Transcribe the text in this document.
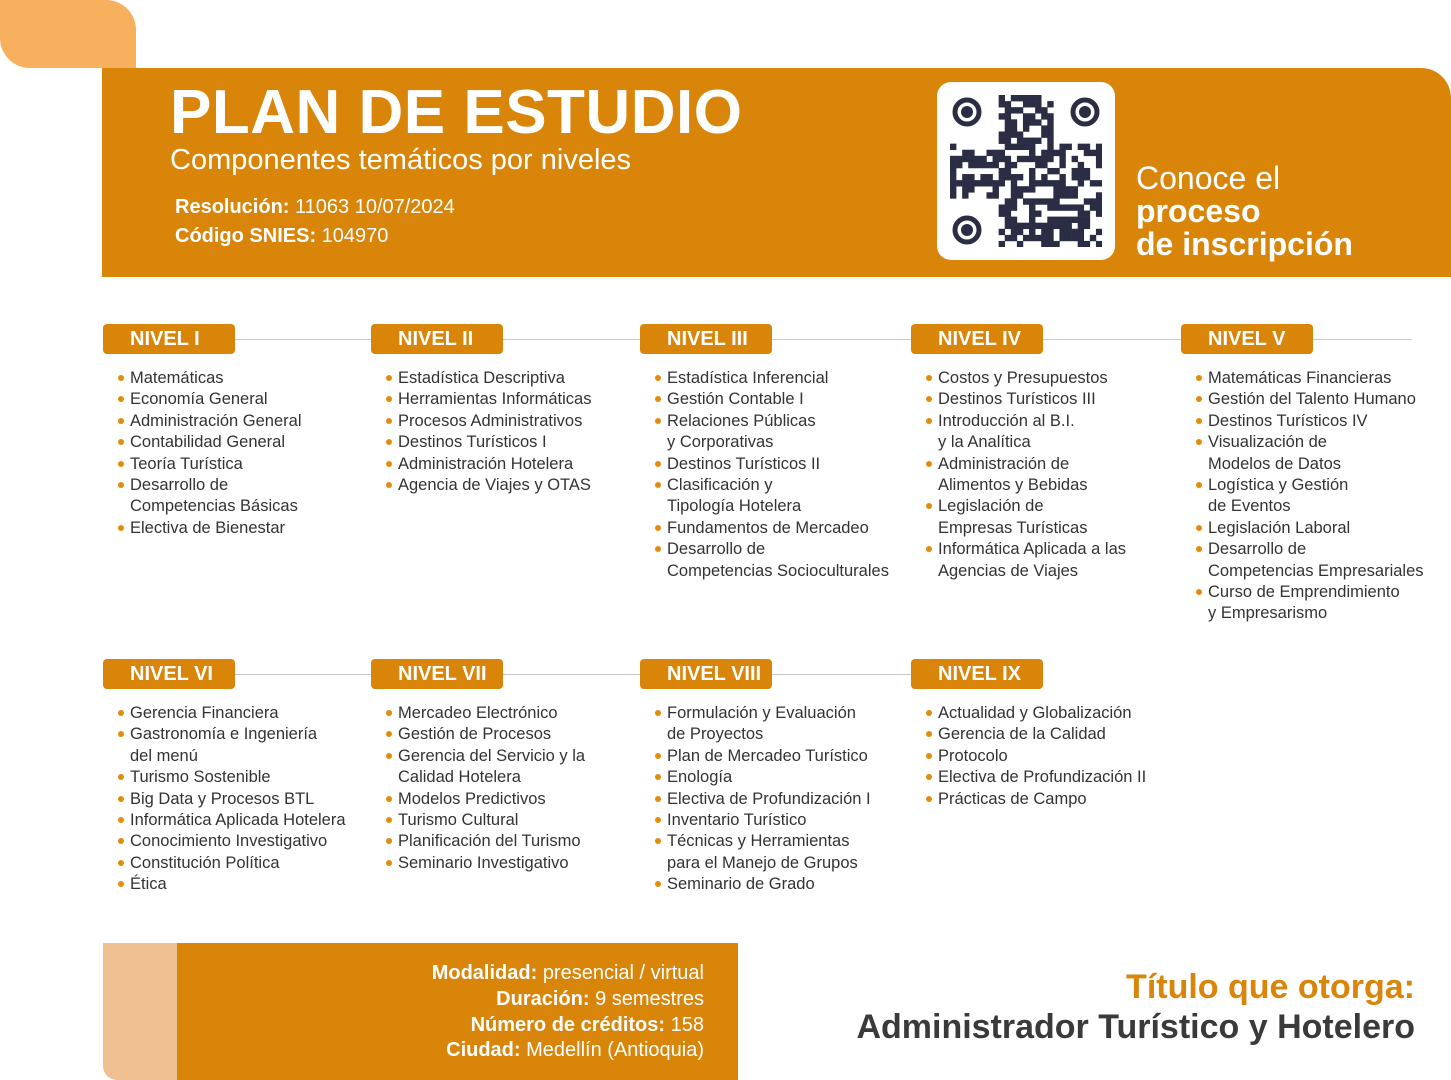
PLAN DE ESTUDIO
Componentes temáticos por niveles
Resolución: 11063 10/07/2024
Código SNIES: 104970
Conoce el
proceso
de inscripción
NIVEL I
Matemáticas
Economía General
Administración General
Contabilidad General
Teoría Turística
Desarrollo de
Competencias Básicas
Electiva de Bienestar
NIVEL II
Estadística Descriptiva
Herramientas Informáticas
Procesos Administrativos
Destinos Turísticos I
Administración Hotelera
Agencia de Viajes y OTAS
NIVEL III
Estadística Inferencial
Gestión Contable I
Relaciones Públicas
y Corporativas
Destinos Turísticos II
Clasificación y
Tipología Hotelera
Fundamentos de Mercadeo
Desarrollo de
Competencias Socioculturales
NIVEL IV
Costos y Presupuestos
Destinos Turísticos III
Introducción al B.I.
y la Analítica
Administración de
Alimentos y Bebidas
Legislación de
Empresas Turísticas
Informática Aplicada a las
Agencias de Viajes
NIVEL V
Matemáticas Financieras
Gestión del Talento Humano
Destinos Turísticos IV
Visualización de
Modelos de Datos
Logística y Gestión
de Eventos
Legislación Laboral
Desarrollo de
Competencias Empresariales
Curso de Emprendimiento
y Empresarismo
NIVEL VI
Gerencia Financiera
Gastronomía e Ingeniería
del menú
Turismo Sostenible
Big Data y Procesos BTL
Informática Aplicada Hotelera
Conocimiento Investigativo
Constitución Política
Ética
NIVEL VII
Mercadeo Electrónico
Gestión de Procesos
Gerencia del Servicio y la
Calidad Hotelera
Modelos Predictivos
Turismo Cultural
Planificación del Turismo
Seminario Investigativo
NIVEL VIII
Formulación y Evaluación
de Proyectos
Plan de Mercadeo Turístico
Enología
Electiva de Profundización I
Inventario Turístico
Técnicas y Herramientas
para el Manejo de Grupos
Seminario de Grado
NIVEL IX
Actualidad y Globalización
Gerencia de la Calidad
Protocolo
Electiva de Profundización II
Prácticas de Campo
Modalidad: presencial / virtual
Duración: 9 semestres
Número de créditos: 158
Ciudad: Medellín (Antioquia)
Título que otorga:
Administrador Turístico y Hotelero
